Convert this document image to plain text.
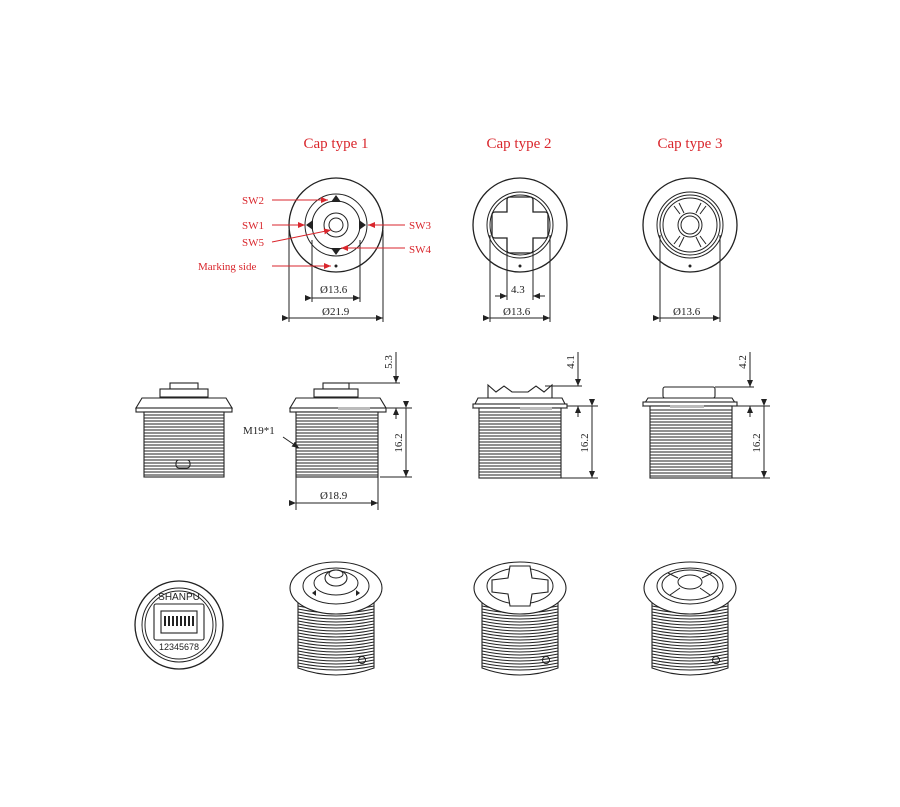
Cap type 1	Cap type 2	Cap type 3
Ø13.6
Ø21.9
SW2
SW1
SW5
Marking side
SW3
SW4
4.3
Ø13.6	Ø13.6
5.3
16.2
Ø18.9
M19*1
4.1
16.2
4.2
16.2
SHANPU
12345678
